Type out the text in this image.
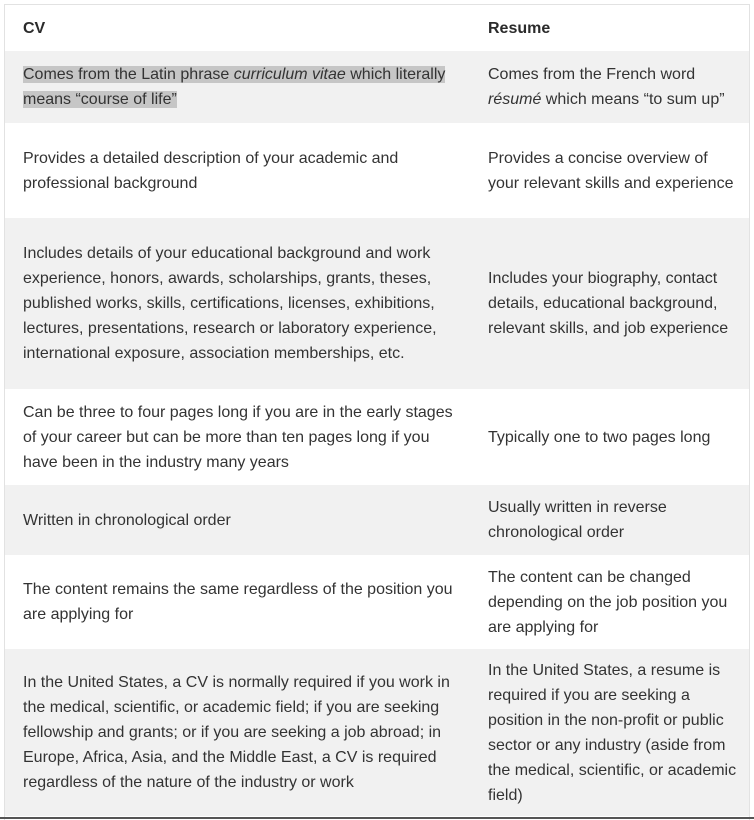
CV	Resume
Comes from the Latin phrase curriculum vitae which literally means “course of life”	Comes from the French word résumé which means “to sum up”
Provides a detailed description of your academic and professional background	Provides a concise overview of your relevant skills and experience
Includes details of your educational background and work experience, honors, awards, scholarships, grants, theses, published works, skills, certifications, licenses, exhibitions, lectures, presentations, research or laboratory experience, international exposure, association memberships, etc.	Includes your biography, contact details, educational background, relevant skills, and job experience
Can be three to four pages long if you are in the early stages of your career but can be more than ten pages long if you have been in the industry many years	Typically one to two pages long
Written in chronological order	Usually written in reverse chronological order
The content remains the same regardless of the position you are applying for	The content can be changed depending on the job position you are applying for
In the United States, a CV is normally required if you work in the medical, scientific, or academic field; if you are seeking fellowship and grants; or if you are seeking a job abroad; in Europe, Africa, Asia, and the Middle East, a CV is required regardless of the nature of the industry or work	In the United States, a resume is required if you are seeking a position in the non-profit or public sector or any industry (aside from the medical, scientific, or academic field)
